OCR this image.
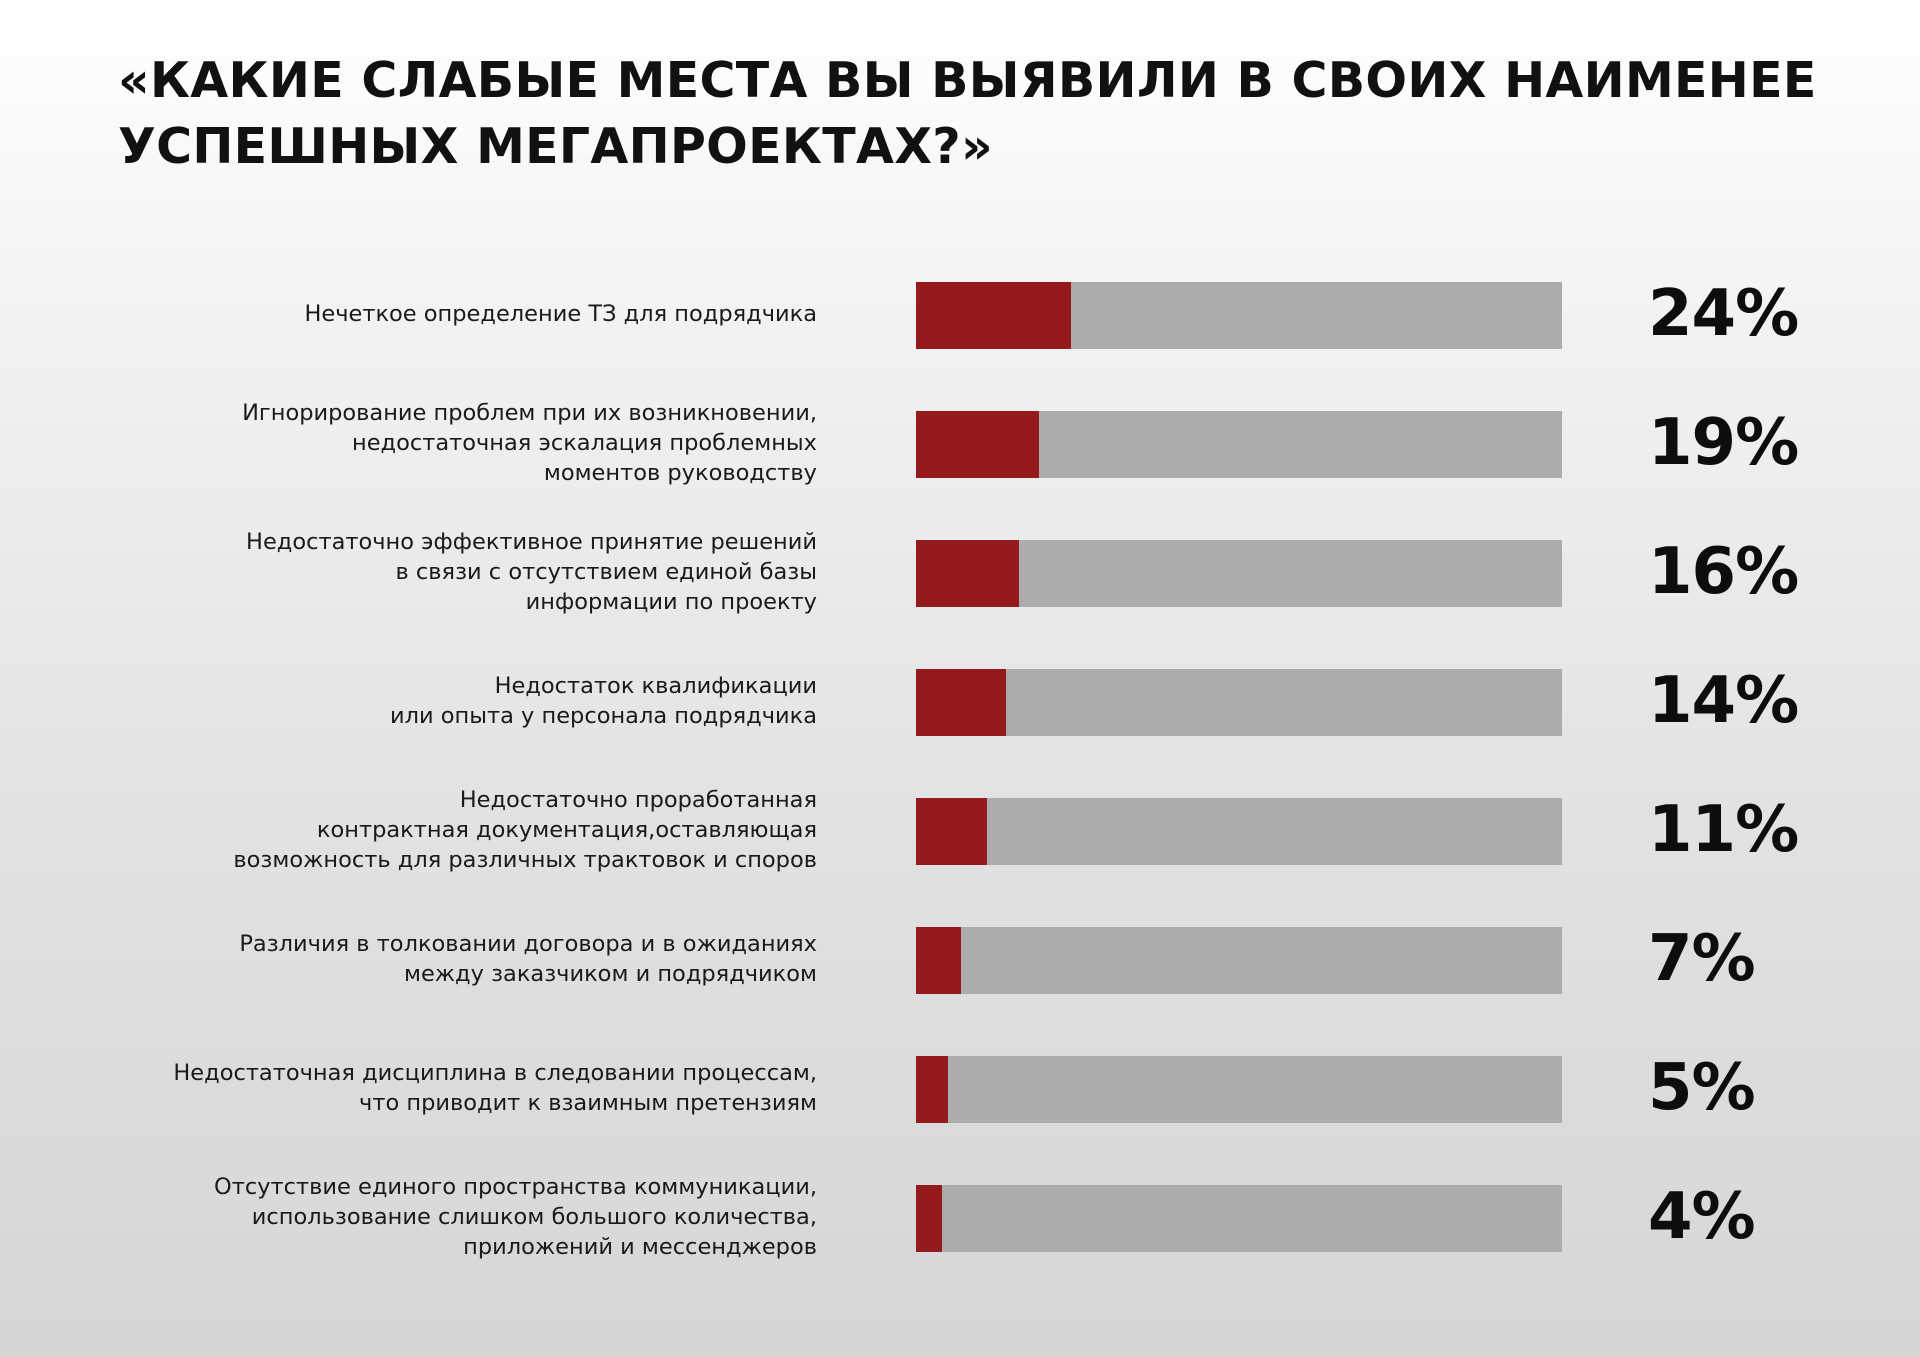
«КАКИЕ СЛАБЫЕ МЕСТА ВЫ ВЫЯВИЛИ В СВОИХ НАИМЕНЕЕ
УСПЕШНЫХ МЕГАПРОЕКТАХ?»
Нечеткое определение ТЗ для подрядчика	24%
Игнорирование проблем при их возникновении,
недостаточная эскалация проблемных
моментов руководству	19%
Недостаточно эффективное принятие решений
в связи с отсутствием единой базы
информации по проекту	16%
Недостаток квалификации
или опыта у персонала подрядчика	14%
Недостаточно проработанная
контрактная документация,оставляющая
возможность для различных трактовок и споров	11%
Различия в толковании договора и в ожиданиях
между заказчиком и подрядчиком	7%
Недостаточная дисциплина в следовании процессам,
что приводит к взаимным претензиям	5%
Отсутствие единого пространства коммуникации,
использование слишком большого количества,
приложений и мессенджеров	4%
